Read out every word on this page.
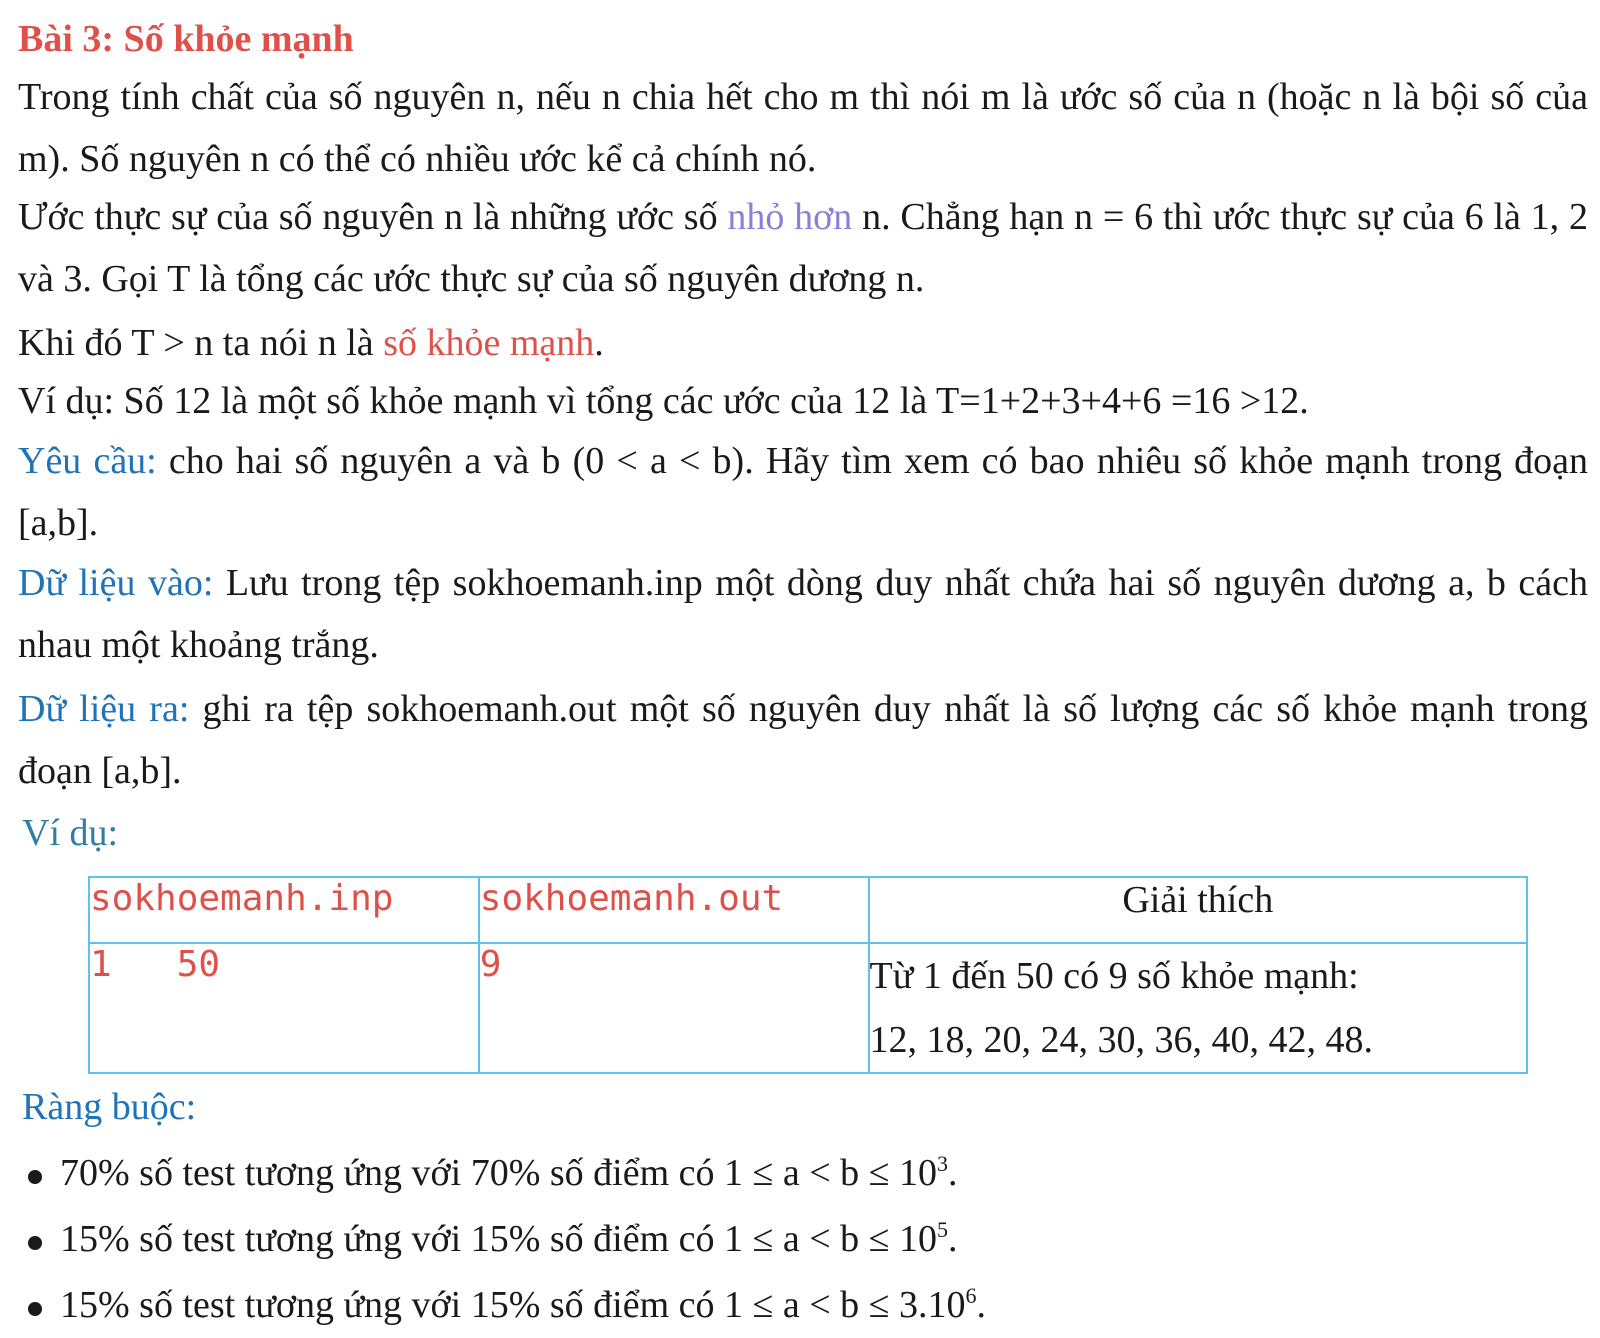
Bài 3: Số khỏe mạnh
Trong tính chất của số nguyên n, nếu n chia hết cho m thì nói m là ước số của n (hoặc n là bội số của m). Số nguyên n có thể có nhiều ước kể cả chính nó.
Ước thực sự của số nguyên n là những ước số nhỏ hơn n. Chẳng hạn n = 6 thì ước thực sự của 6 là 1, 2 và 3. Gọi T là tổng các ước thực sự của số nguyên dương n.
Khi đó T > n ta nói n là số khỏe mạnh.
Ví dụ: Số 12 là một số khỏe mạnh vì tổng các ước của 12 là T=1+2+3+4+6 =16 >12.
Yêu cầu: cho hai số nguyên a và b (0 < a < b). Hãy tìm xem có bao nhiêu số khỏe mạnh trong đoạn [a,b].
Dữ liệu vào: Lưu trong tệp sokhoemanh.inp một dòng duy nhất chứa hai số nguyên dương a, b cách nhau một khoảng trắng.
Dữ liệu ra: ghi ra tệp sokhoemanh.out một số nguyên duy nhất là số lượng các số khỏe mạnh trong đoạn [a,b].
Ví dụ:
sokhoemanh.inp	sokhoemanh.out	Giải thích
1   50	9	Từ 1 đến 50 có 9 số khỏe mạnh:
12, 18, 20, 24, 30, 36, 40, 42, 48.
Ràng buộc:
70% số test tương ứng với 70% số điểm có $1 \le a < b \le 10^3$.
15% số test tương ứng với 15% số điểm có $1 \le a < b \le 10^5$.
15% số test tương ứng với 15% số điểm có $1 \le a < b \le 3.10^6$.
